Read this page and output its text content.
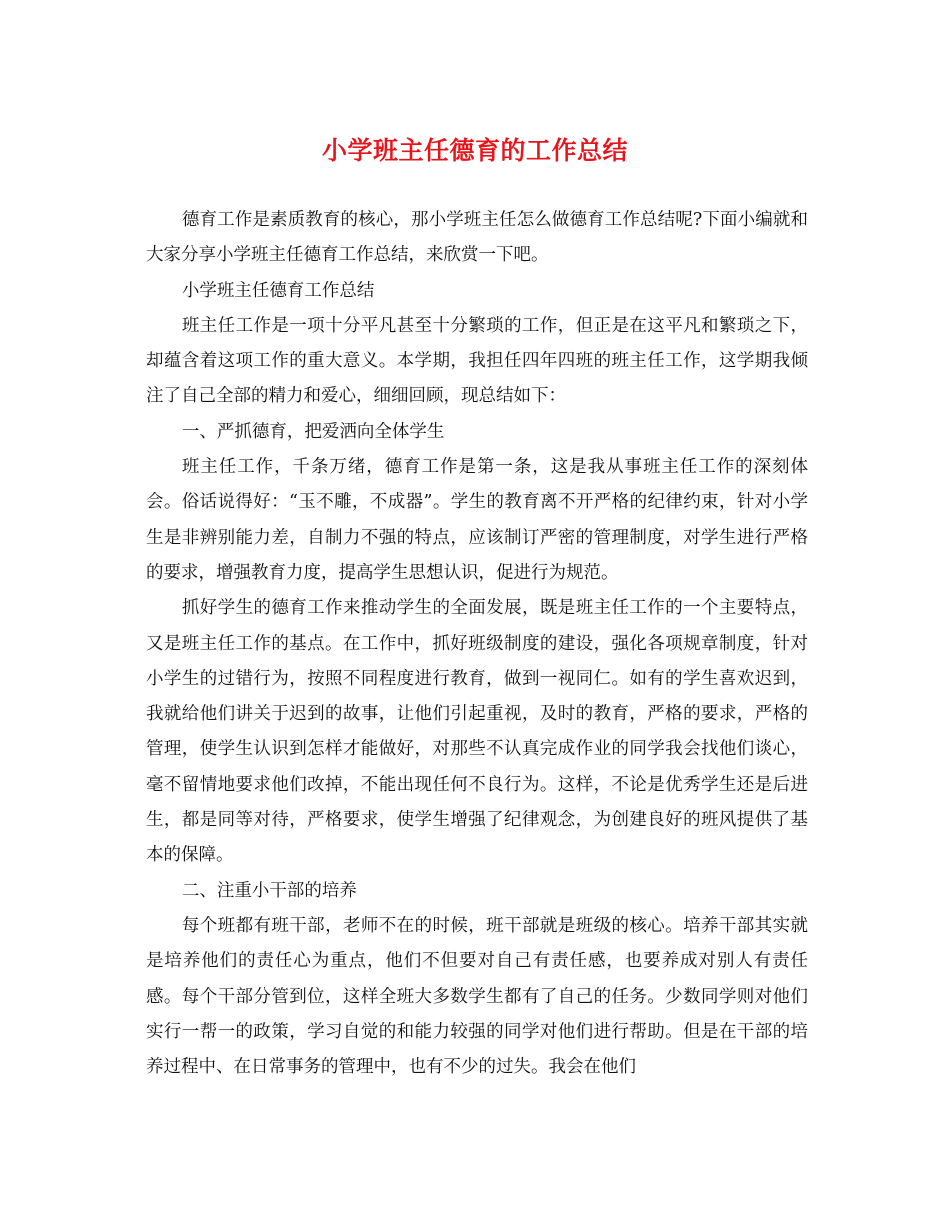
小学班主任德育的工作总结

德育工作是素质教育的核心，那小学班主任怎么做德育工作总结呢?下面小编就和大家分享小学班主任德育工作总结，来欣赏一下吧。

小学班主任德育工作总结

班主任工作是一项十分平凡甚至十分繁琐的工作，但正是在这平凡和繁琐之下，却蕴含着这项工作的重大意义。本学期，我担任四年四班的班主任工作，这学期我倾注了自己全部的精力和爱心，细细回顾，现总结如下：

一、严抓德育，把爱洒向全体学生

班主任工作，千条万绪，德育工作是第一条，这是我从事班主任工作的深刻体会。俗话说得好：“玉不雕，不成器”。学生的教育离不开严格的纪律约束，针对小学生是非辨别能力差，自制力不强的特点，应该制订严密的管理制度，对学生进行严格的要求，增强教育力度，提高学生思想认识，促进行为规范。

抓好学生的德育工作来推动学生的全面发展，既是班主任工作的一个主要特点，又是班主任工作的基点。在工作中，抓好班级制度的建设，强化各项规章制度，针对小学生的过错行为，按照不同程度进行教育，做到一视同仁。如有的学生喜欢迟到，我就给他们讲关于迟到的故事，让他们引起重视，及时的教育，严格的要求，严格的管理，使学生认识到怎样才能做好，对那些不认真完成作业的同学我会找他们谈心，毫不留情地要求他们改掉，不能出现任何不良行为。这样，不论是优秀学生还是后进生，都是同等对待，严格要求，使学生增强了纪律观念，为创建良好的班风提供了基本的保障。

二、注重小干部的培养

每个班都有班干部，老师不在的时候，班干部就是班级的核心。培养干部其实就是培养他们的责任心为重点，他们不但要对自己有责任感，也要养成对别人有责任感。每个干部分管到位，这样全班大多数学生都有了自己的任务。少数同学则对他们实行一帮一的政策，学习自觉的和能力较强的同学对他们进行帮助。但是在干部的培养过程中、在日常事务的管理中，也有不少的过失。我会在他们
